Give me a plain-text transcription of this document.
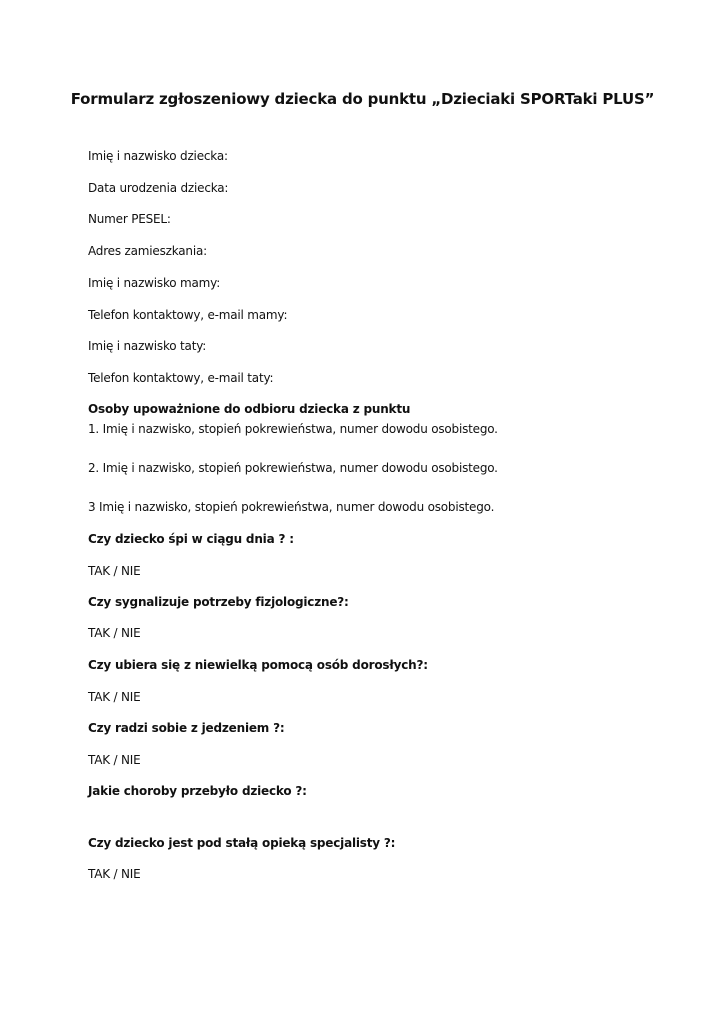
Formularz zgłoszeniowy dziecka do punktu „Dzieciaki SPORTaki PLUS”
Imię i nazwisko dziecka:
Data urodzenia dziecka:
Numer PESEL:
Adres zamieszkania:
Imię i nazwisko mamy:
Telefon kontaktowy, e-mail mamy:
Imię i nazwisko taty:
Telefon kontaktowy, e-mail taty:
Osoby upoważnione do odbioru dziecka z punktu
1. Imię i nazwisko, stopień pokrewieństwa, numer dowodu osobistego.
2. Imię i nazwisko, stopień pokrewieństwa, numer dowodu osobistego.
3 Imię i nazwisko, stopień pokrewieństwa, numer dowodu osobistego.
Czy dziecko śpi w ciągu dnia ? :
TAK / NIE
Czy sygnalizuje potrzeby fizjologiczne?:
TAK / NIE
Czy ubiera się z niewielką pomocą osób dorosłych?:
TAK / NIE
Czy radzi sobie z jedzeniem ?:
TAK / NIE
Jakie choroby przebyło dziecko ?:
Czy dziecko jest pod stałą opieką specjalisty ?:
TAK / NIE
